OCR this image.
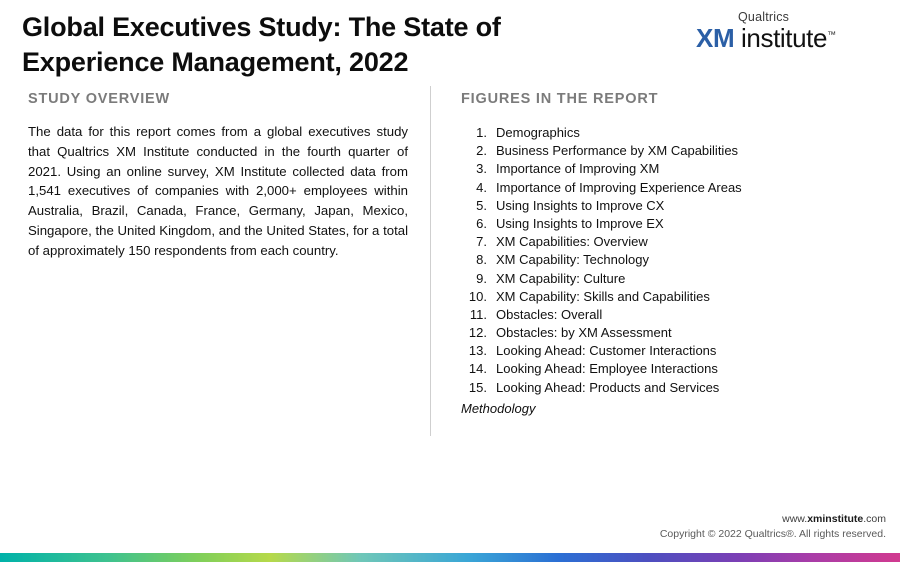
Global Executives Study: The State of Experience Management, 2022
Qualtrics
XM institute™
STUDY OVERVIEW
The data for this report comes from a global executives study that Qualtrics XM Institute conducted in the fourth quarter of 2021. Using an online survey, XM Institute collected data from 1,541 executives of companies with 2,000+ employees within Australia, Brazil, Canada, France, Germany, Japan, Mexico, Singapore, the United Kingdom, and the United States, for a total of approximately 150 respondents from each country.
FIGURES IN THE REPORT
1. Demographics
2. Business Performance by XM Capabilities
3. Importance of Improving XM
4. Importance of Improving Experience Areas
5. Using Insights to Improve CX
6. Using Insights to Improve EX
7. XM Capabilities: Overview
8. XM Capability: Technology
9. XM Capability: Culture
10. XM Capability: Skills and Capabilities
11. Obstacles: Overall
12. Obstacles: by XM Assessment
13. Looking Ahead: Customer Interactions
14. Looking Ahead: Employee Interactions
15. Looking Ahead: Products and Services
Methodology
www.xminstitute.com
Copyright © 2022 Qualtrics®. All rights reserved.
